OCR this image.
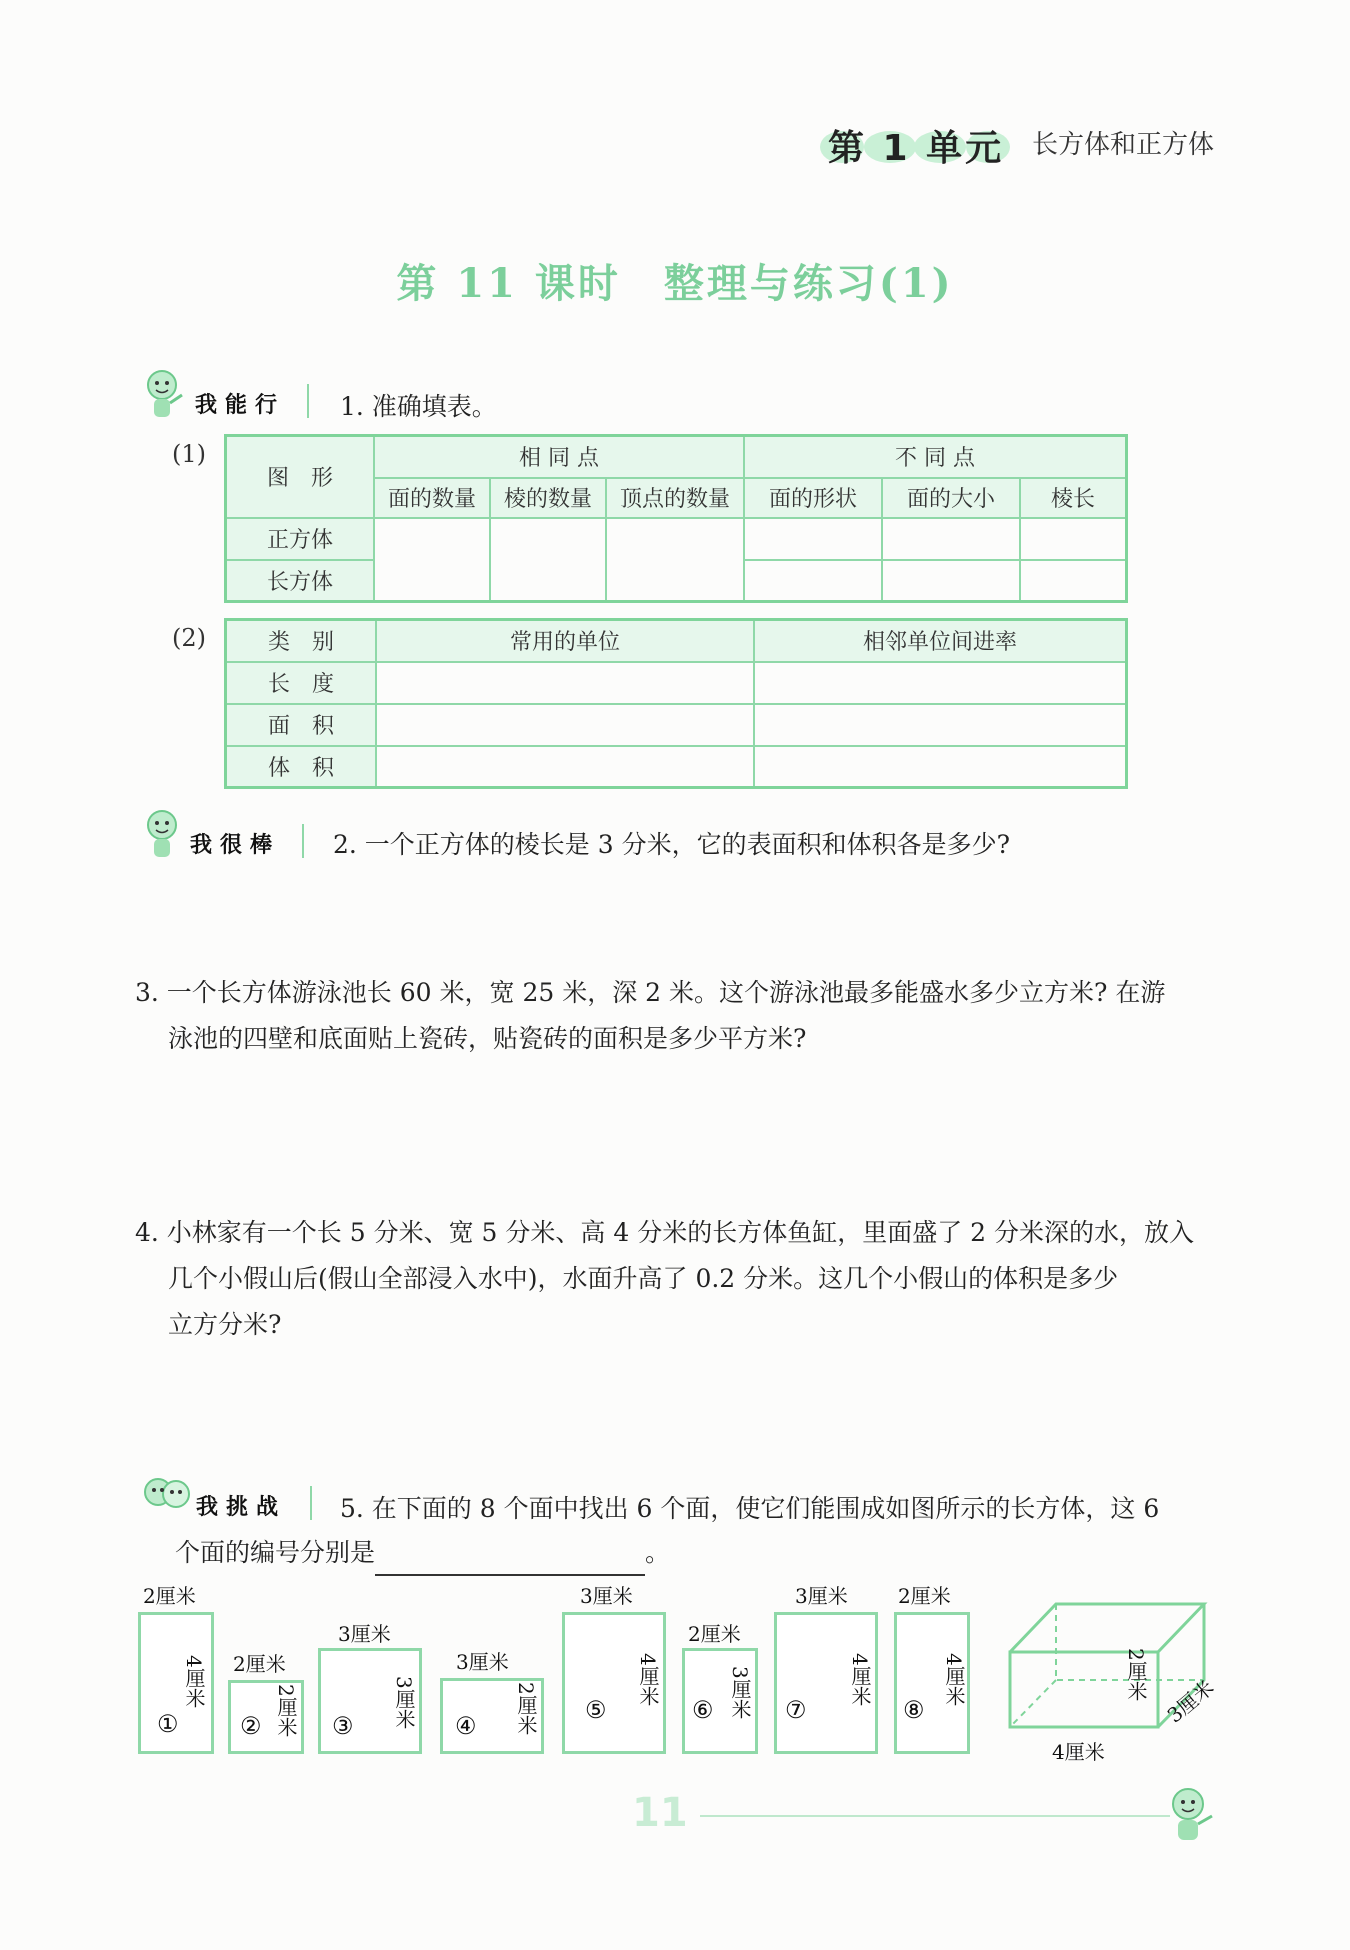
第 1 单元 长方体和正方体
第 11 课时　整理与练习(1)
我能行 1. 准确填表。
(1)
图　形	相 同 点			不 同 点		
	面的数量	棱的数量	顶点的数量	面的形状	面的大小	棱长
正方体						
长方体						
(2)	类　别	常用的单位	相邻单位间进率
长　度		
面　积		
体　积		
我很棒 2. 一个正方体的棱长是 3 分米，它的表面积和体积各是多少?
3. 一个长方体游泳池长 60 米，宽 25 米，深 2 米。这个游泳池最多能盛水多少立方米? 在游
泳池的四壁和底面贴上瓷砖，贴瓷砖的面积是多少平方米?
4. 小林家有一个长 5 分米、宽 5 分米、高 4 分米的长方体鱼缸，里面盛了 2 分米深的水，放入
几个小假山后(假山全部浸入水中)，水面升高了 0.2 分米。这几个小假山的体积是多少
立方分米?
我挑战 5. 在下面的 8 个面中找出 6 个面，使它们能围成如图所示的长方体，这 6
个面的编号分别是	。
2厘米
①
4厘米 2厘米
② 2厘米
3厘米
③ 3厘米
3厘米
④ 2厘米
3厘米
⑤
4厘米
2厘米
⑥ 3厘米
3厘米
⑦
4厘米
2厘米
⑧
4厘米	2厘米
4厘米
3厘米
11
